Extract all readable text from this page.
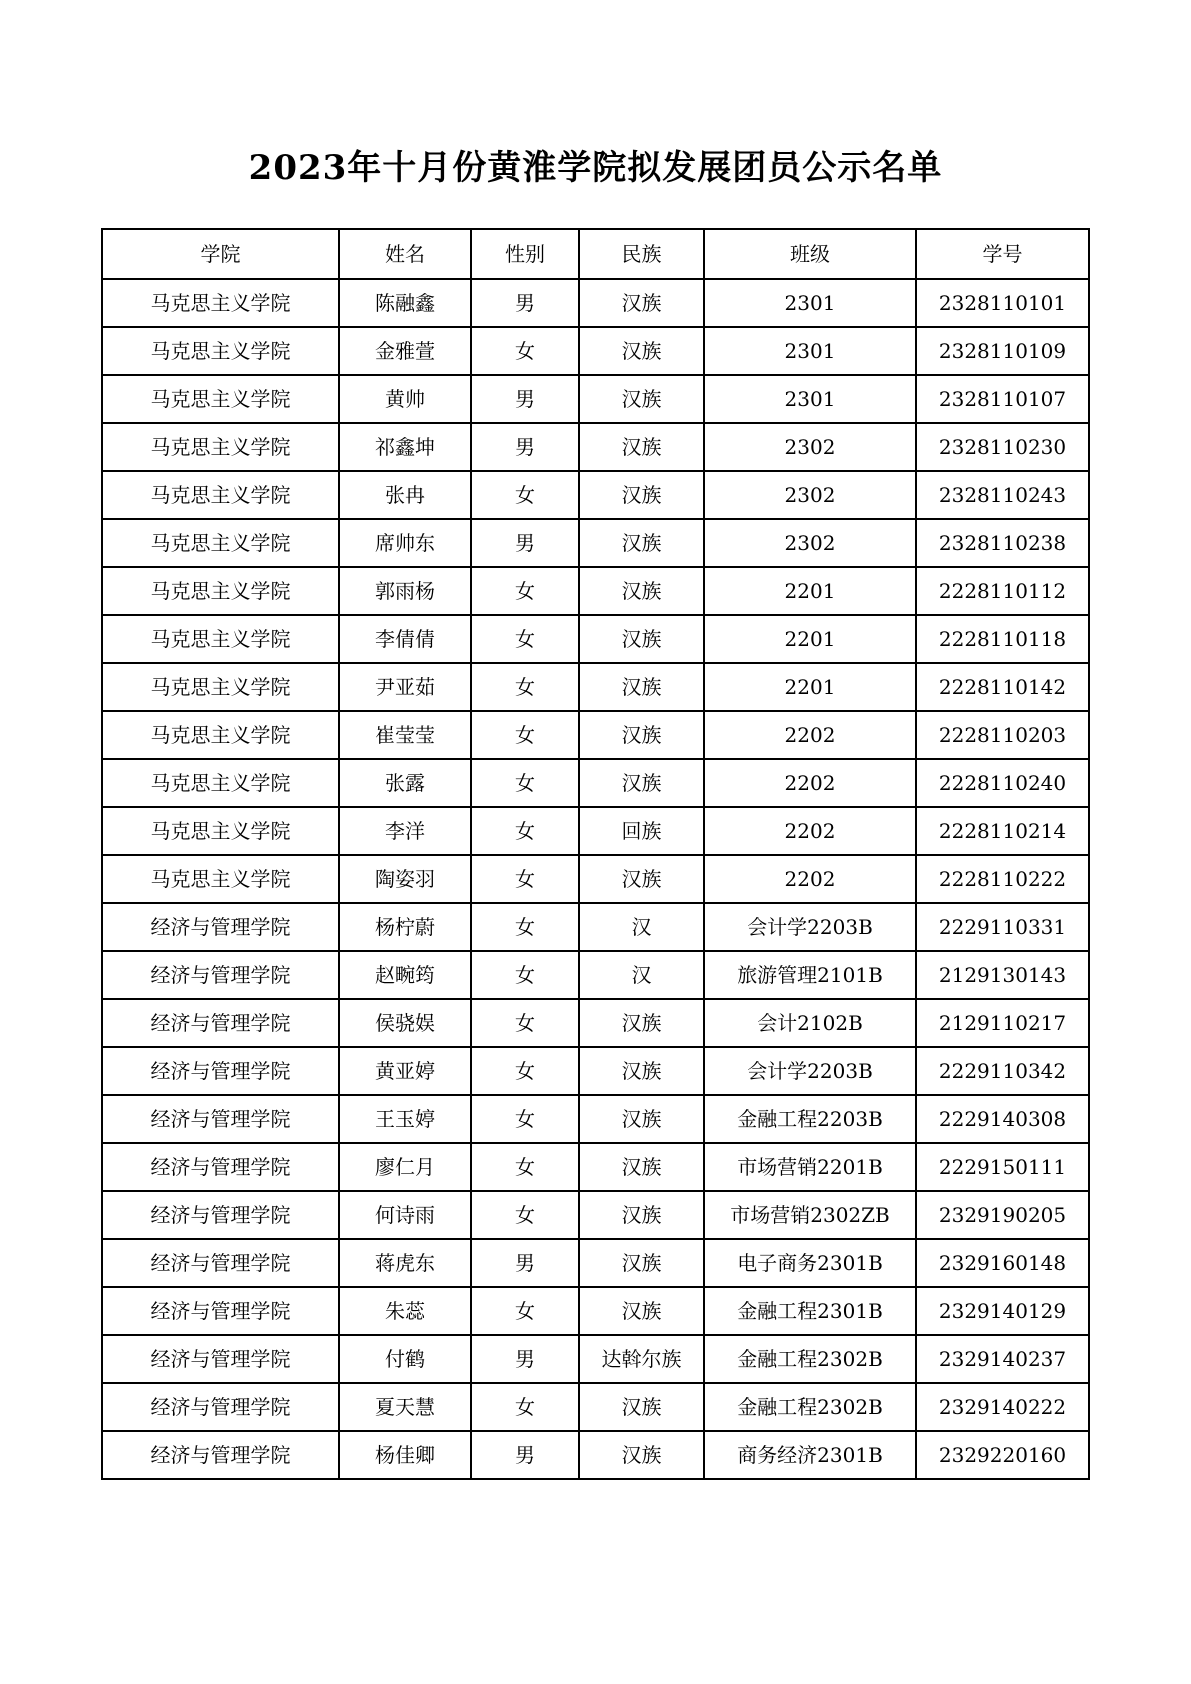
2023年十月份黄淮学院拟发展团员公示名单
学院	姓名	性别	民族	班级	学号
马克思主义学院	陈融鑫	男	汉族	2301	2328110101
马克思主义学院	金雅萱	女	汉族	2301	2328110109
马克思主义学院	黄帅	男	汉族	2301	2328110107
马克思主义学院	祁鑫坤	男	汉族	2302	2328110230
马克思主义学院	张冉	女	汉族	2302	2328110243
马克思主义学院	席帅东	男	汉族	2302	2328110238
马克思主义学院	郭雨杨	女	汉族	2201	2228110112
马克思主义学院	李倩倩	女	汉族	2201	2228110118
马克思主义学院	尹亚茹	女	汉族	2201	2228110142
马克思主义学院	崔莹莹	女	汉族	2202	2228110203
马克思主义学院	张露	女	汉族	2202	2228110240
马克思主义学院	李洋	女	回族	2202	2228110214
马克思主义学院	陶姿羽	女	汉族	2202	2228110222
经济与管理学院	杨柠蔚	女	汉	会计学2203B	2229110331
经济与管理学院	赵畹筠	女	汉	旅游管理2101B	2129130143
经济与管理学院	侯骁娱	女	汉族	会计2102B	2129110217
经济与管理学院	黄亚婷	女	汉族	会计学2203B	2229110342
经济与管理学院	王玉婷	女	汉族	金融工程2203B	2229140308
经济与管理学院	廖仁月	女	汉族	市场营销2201B	2229150111
经济与管理学院	何诗雨	女	汉族	市场营销2302ZB	2329190205
经济与管理学院	蒋虎东	男	汉族	电子商务2301B	2329160148
经济与管理学院	朱蕊	女	汉族	金融工程2301B	2329140129
经济与管理学院	付鹤	男	达斡尔族	金融工程2302B	2329140237
经济与管理学院	夏天慧	女	汉族	金融工程2302B	2329140222
经济与管理学院	杨佳卿	男	汉族	商务经济2301B	2329220160
